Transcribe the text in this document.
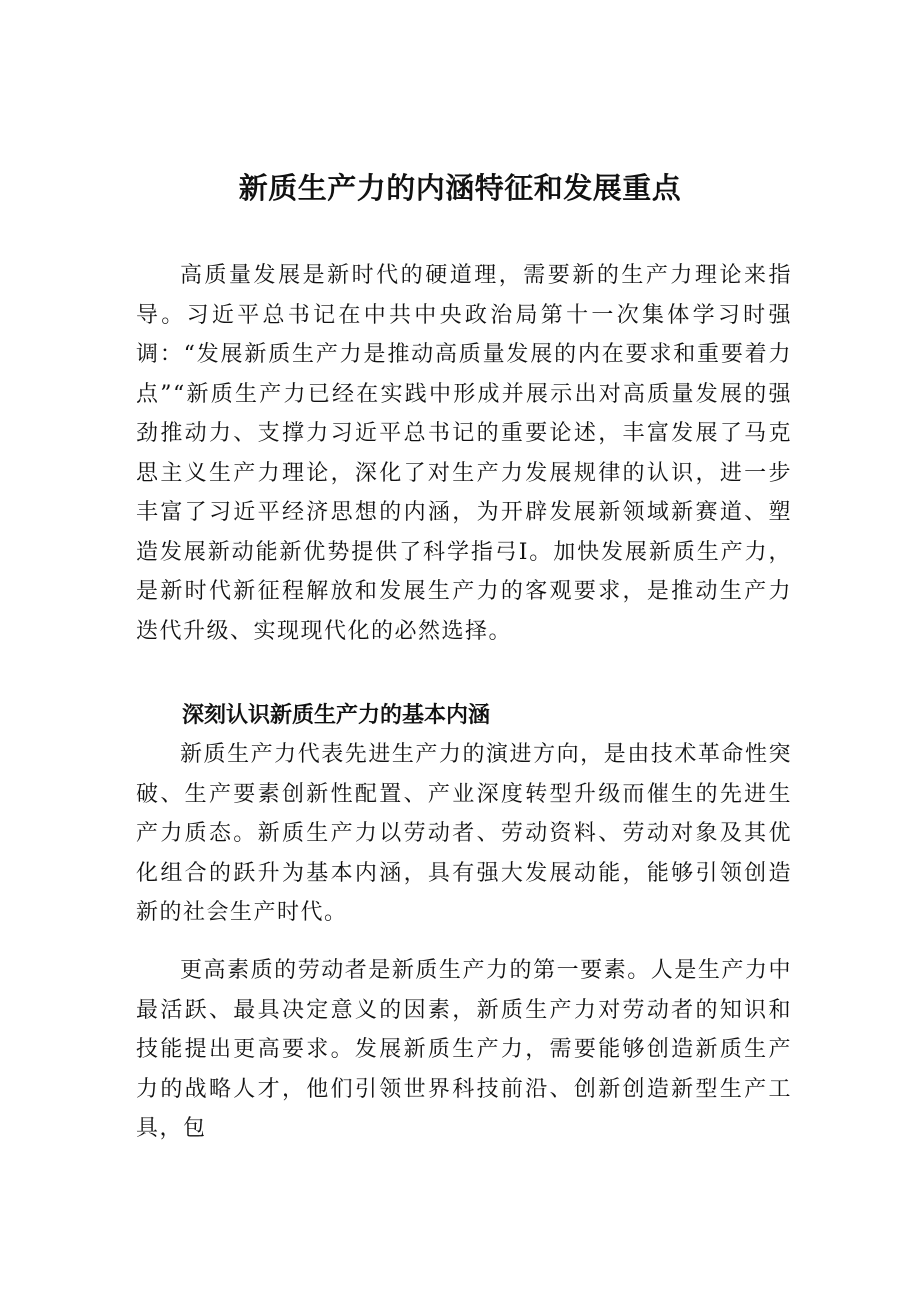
新质生产力的内涵特征和发展重点

高质量发展是新时代的硬道理，需要新的生产力理论来指导。习近平总书记在中共中央政治局第十一次集体学习时强调：“发展新质生产力是推动高质量发展的内在要求和重要着力点”“新质生产力已经在实践中形成并展示出对高质量发展的强劲推动力、支撑力习近平总书记的重要论述，丰富发展了马克思主义生产力理论，深化了对生产力发展规律的认识，进一步丰富了习近平经济思想的内涵，为开辟发展新领域新赛道、塑造发展新动能新优势提供了科学指弓I。加快发展新质生产力，是新时代新征程解放和发展生产力的客观要求，是推动生产力迭代升级、实现现代化的必然选择。

深刻认识新质生产力的基本内涵

新质生产力代表先进生产力的演进方向，是由技术革命性突破、生产要素创新性配置、产业深度转型升级而催生的先进生产力质态。新质生产力以劳动者、劳动资料、劳动对象及其优化组合的跃升为基本内涵，具有强大发展动能，能够引领创造新的社会生产时代。

更高素质的劳动者是新质生产力的第一要素。人是生产力中最活跃、最具决定意义的因素，新质生产力对劳动者的知识和技能提出更高要求。发展新质生产力，需要能够创造新质生产力的战略人才，他们引领世界科技前沿、创新创造新型生产工具，包
